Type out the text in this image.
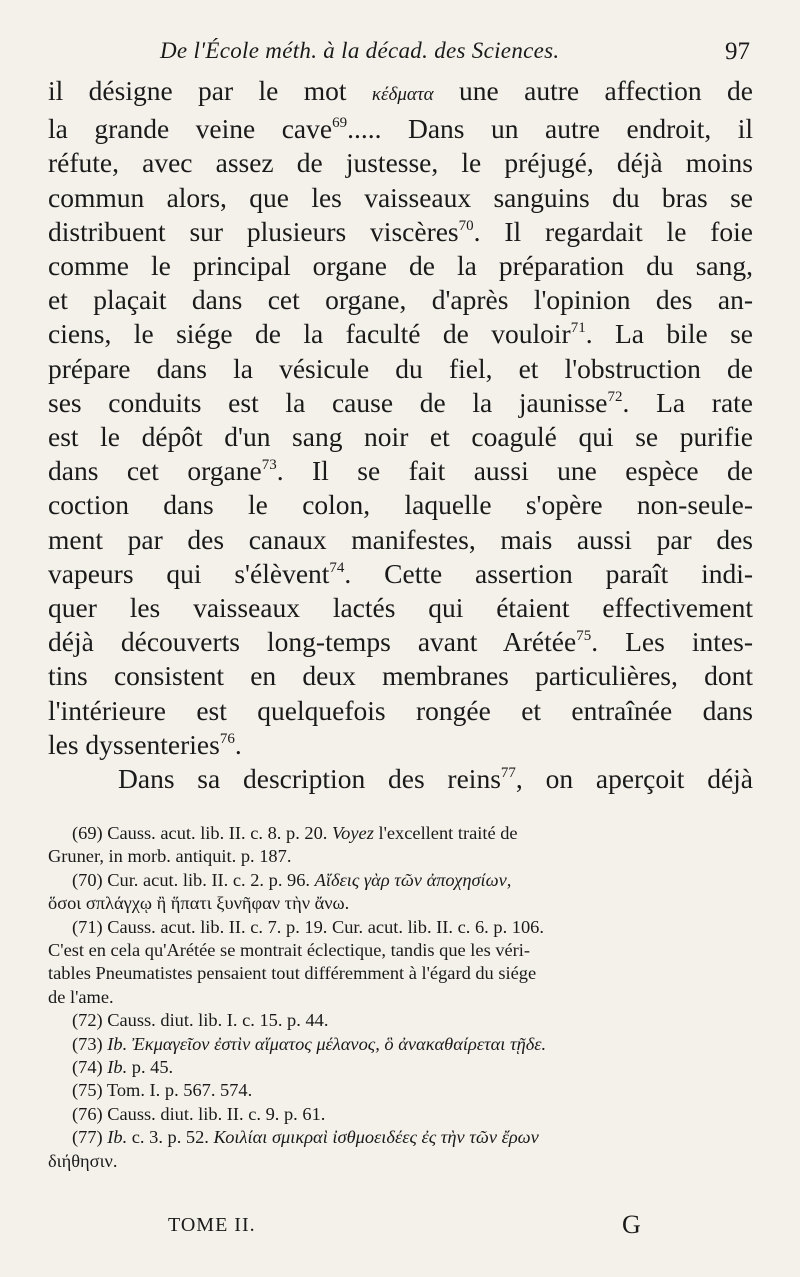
De l'École méth. à la décad. des Sciences.	97
il désigne par le mot κέδματα une autre affection de
la grande veine cave$^{69}$..... Dans un autre endroit, il
réfute, avec assez de justesse, le préjugé, déjà moins
commun alors, que les vaisseaux sanguins du bras se
distribuent sur plusieurs viscères$^{70}$. Il regardait le foie
comme le principal organe de la préparation du sang,
et plaçait dans cet organe, d'après l'opinion des an-
ciens, le siége de la faculté de vouloir$^{71}$. La bile se
prépare dans la vésicule du fiel, et l'obstruction de
ses conduits est la cause de la jaunisse$^{72}$. La rate
est le dépôt d'un sang noir et coagulé qui se purifie
dans cet organe$^{73}$. Il se fait aussi une espèce de
coction dans le colon, laquelle s'opère non-seule-
ment par des canaux manifestes, mais aussi par des
vapeurs qui s'élèvent$^{74}$. Cette assertion paraît indi-
quer les vaisseaux lactés qui étaient effectivement
déjà découverts long-temps avant Arétée$^{75}$. Les intes-
tins consistent en deux membranes particulières, dont
l'intérieure est quelquefois rongée et entraînée dans
les dyssenteries$^{76}$.
Dans sa description des reins$^{77}$, on aperçoit déjà
(69) Causs. acut. lib. II. c. 8. p. 20. Voyez l'excellent traité de
Gruner, in morb. antiquit. p. 187.
(70) Cur. acut. lib. II. c. 2. p. 96. Αἴδεις γὰρ τῶν ἀποχησίων,
ὅσοι σπλάγχῳ ἢ ἥπατι ξυνῆφαν τὴν ἄνω.
(71) Causs. acut. lib. II. c. 7. p. 19. Cur. acut. lib. II. c. 6. p. 106.
C'est en cela qu'Arétée se montrait éclectique, tandis que les véri-
tables Pneumatistes pensaient tout différemment à l'égard du siége
de l'ame.
(72) Causs. diut. lib. I. c. 15. p. 44.
(73) Ib. Ἐκμαγεῖον ἐστὶν αἵματος μέλανος, ὃ ἀνακαθαίρεται τῇδε.
(74) Ib. p. 45.
(75) Tom. I. p. 567. 574.
(76) Causs. diut. lib. II. c. 9. p. 61.
(77) Ib. c. 3. p. 52. Κοιλίαι σμικραὶ ἰσθμοειδέες ἐς τὴν τῶν ἔρων
διήθησιν.
TOME II.	G
